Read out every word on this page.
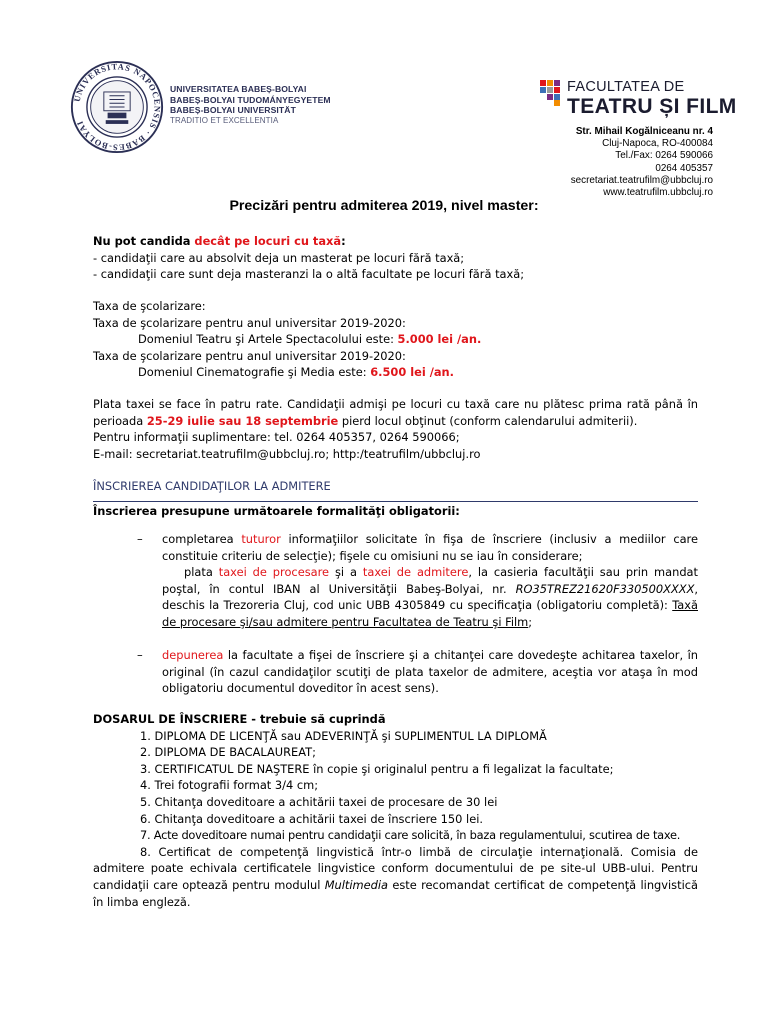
UNIVERSITAS NAPOCENSIS · BABES-BOLYAI
UNIVERSITATEA BABEȘ-BOLYAI
BABEȘ-BOLYAI TUDOMÁNYEGYETEM
BABEȘ-BOLYAI UNIVERSITÄT
TRADITIO ET EXCELLENTIA
FACULTATEA DE
TEATRU ȘI FILM
Str. Mihail Kogălniceanu nr. 4
Cluj-Napoca, RO-400084
Tel./Fax: 0264 590066
0264 405357
secretariat.teatrufilm@ubbcluj.ro
www.teatrufilm.ubbcluj.ro
Precizări pentru admiterea 2019, nivel master:
Nu pot candida decât pe locuri cu taxă:
- candidaţii care au absolvit deja un masterat pe locuri fără taxă;
- candidaţii care sunt deja masteranzi la o altă facultate pe locuri fără taxă;
Taxa de şcolarizare:
Taxa de şcolarizare pentru anul universitar 2019-2020:
Domeniul Teatru şi Artele Spectacolului este: 5.000 lei /an.
Taxa de şcolarizare pentru anul universitar 2019-2020:
Domeniul Cinematografie şi Media este: 6.500 lei /an.
Plata taxei se face în patru rate. Candidaţii admişi pe locuri cu taxă care nu plătesc prima rată până în perioada 25-29 iulie sau 18 septembrie pierd locul obţinut (conform calendarului admiterii).
Pentru informaţii suplimentare: tel. 0264 405357, 0264 590066;
E-mail: secretariat.teatrufilm@ubbcluj.ro; http:/teatrufilm/ubbcluj.ro
ÎNSCRIEREA CANDIDAŢILOR LA ADMITERE
Înscrierea presupune următoarele formalităţi obligatorii:
– completarea tuturor informaţiilor solicitate în fişa de înscriere (inclusiv a mediilor care constituie criteriu de selecţie); fişele cu omisiuni nu se iau în considerare;
plata taxei de procesare şi a taxei de admitere, la casieria facultăţii sau prin mandat poştal, în contul IBAN al Universităţii Babeş-Bolyai, nr. RO35TREZ21620F330500XXXX, deschis la Trezoreria Cluj, cod unic UBB 4305849 cu specificaţia (obligatoriu completă): Taxă de procesare şi/sau admitere pentru Facultatea de Teatru şi Film;
– depunerea la facultate a fişei de înscriere şi a chitanţei care dovedeşte achitarea taxelor, în original (în cazul candidaţilor scutiţi de plata taxelor de admitere, aceştia vor ataşa în mod obligatoriu documentul doveditor în acest sens).
DOSARUL DE ÎNSCRIERE - trebuie să cuprindă
1. DIPLOMA DE LICENŢĂ sau ADEVERINŢĂ şi SUPLIMENTUL LA DIPLOMĂ
2. DIPLOMA DE BACALAUREAT;
3. CERTIFICATUL DE NAŞTERE în copie şi originalul pentru a fi legalizat la facultate;
4. Trei fotografii format 3/4 cm;
5. Chitanţa doveditoare a achitării taxei de procesare de 30 lei
6. Chitanţa doveditoare a achitării taxei de înscriere 150 lei.
7. Acte doveditoare numai pentru candidaţii care solicită, în baza regulamentului, scutirea de taxe.
8. Certificat de competenţă lingvistică într-o limbă de circulaţie internaţională. Comisia de admitere poate echivala certificatele lingvistice conform documentului de pe site-ul UBB-ului. Pentru candidaţii care optează pentru modulul Multimedia este recomandat certificat de competenţă lingvistică în limba engleză.
